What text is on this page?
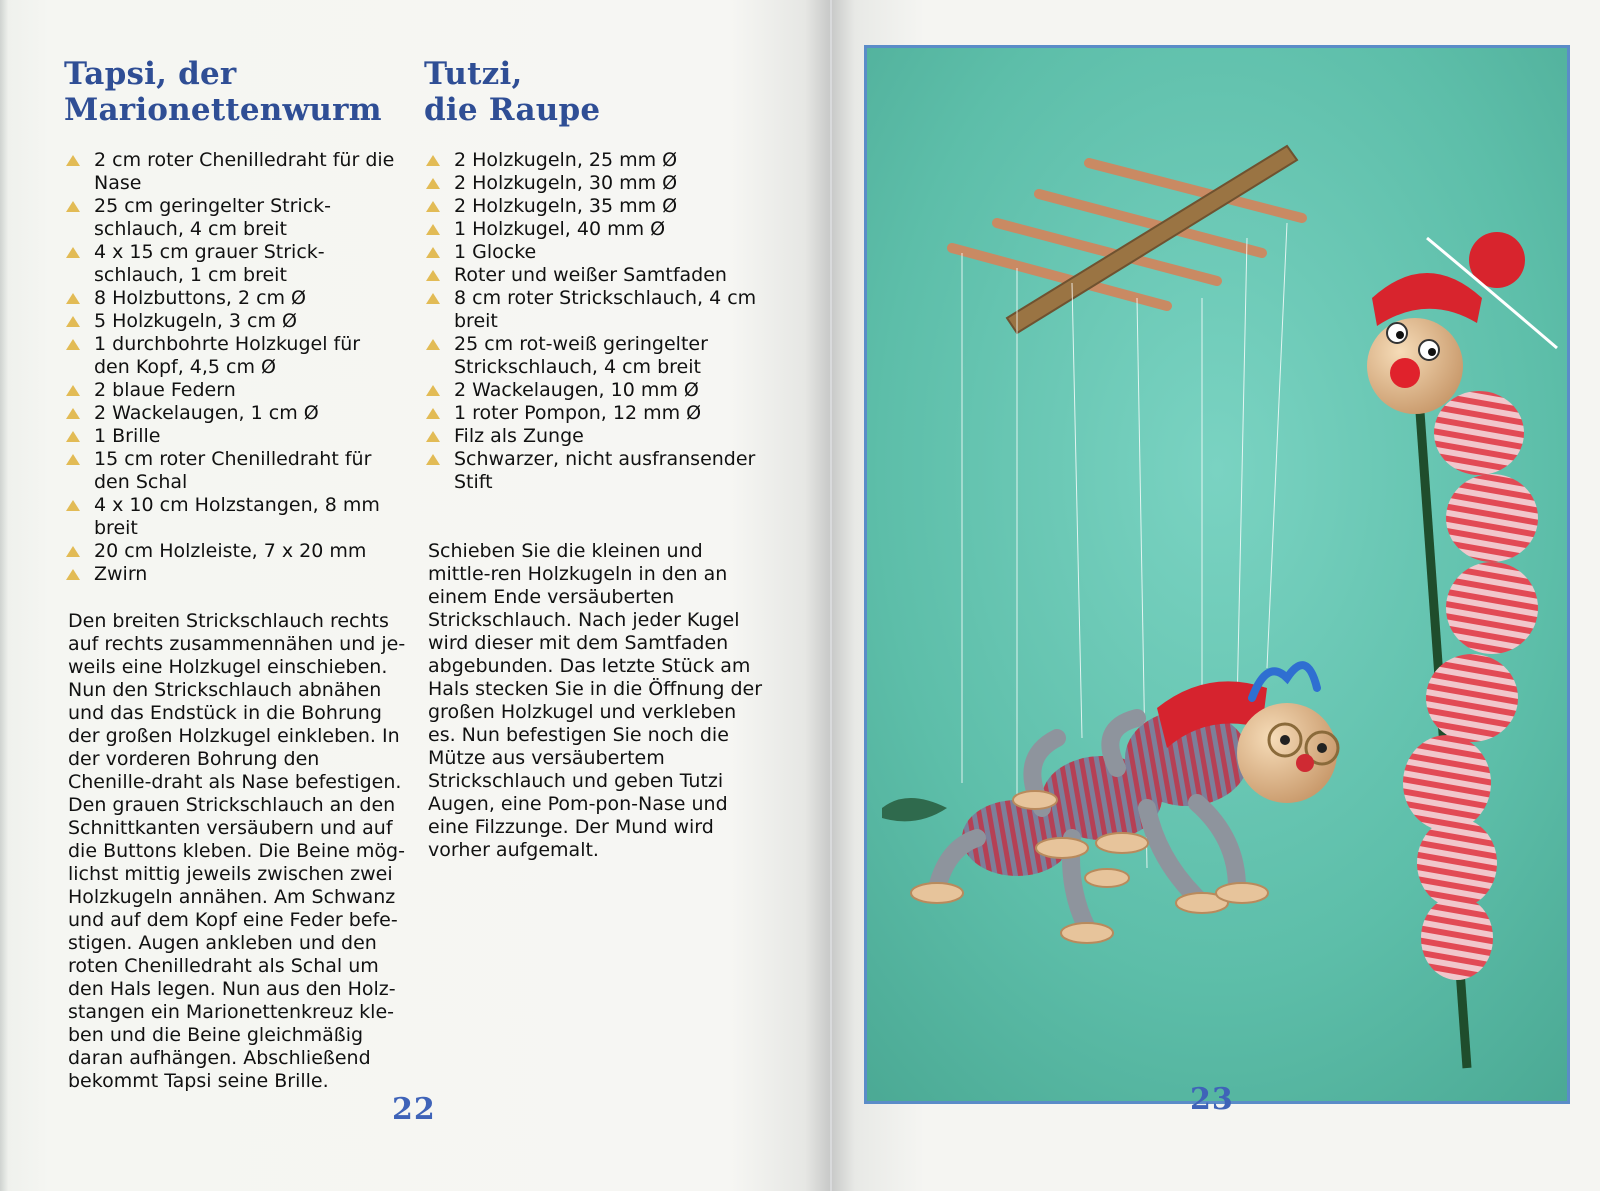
Tapsi, der
Marionettenwurm
2 cm roter Chenilledraht für die Nase
25 cm geringelter Strick-schlauch, 4 cm breit
4 x 15 cm grauer Strick-schlauch, 1 cm breit
8 Holzbuttons, 2 cm Ø
5 Holzkugeln, 3 cm Ø
1 durchbohrte Holzkugel für den Kopf, 4,5 cm Ø
2 blaue Federn
2 Wackelaugen, 1 cm Ø
1 Brille
15 cm roter Chenilledraht für den Schal
4 x 10 cm Holzstangen, 8 mm breit
20 cm Holzleiste, 7 x 20 mm
Zwirn

Den breiten Strickschlauch rechts auf rechts zusammennähen und je-weils eine Holzkugel einschieben. Nun den Strickschlauch abnähen und das Endstück in die Bohrung der großen Holzkugel einkleben. In der vorderen Bohrung den Chenille-draht als Nase befestigen. Den grauen Strickschlauch an den Schnittkanten versäubern und auf die Buttons kleben. Die Beine mög-lichst mittig jeweils zwischen zwei Holzkugeln annähen. Am Schwanz und auf dem Kopf eine Feder befe-stigen. Augen ankleben und den roten Chenilledraht als Schal um den Hals legen. Nun aus den Holz-stangen ein Marionettenkreuz kle-ben und die Beine gleichmäßig daran aufhängen. Abschließend bekommt Tapsi seine Brille.

22

Tutzi,
die Raupe
2 Holzkugeln, 25 mm Ø
2 Holzkugeln, 30 mm Ø
2 Holzkugeln, 35 mm Ø
1 Holzkugel, 40 mm Ø
1 Glocke
Roter und weißer Samtfaden
8 cm roter Strickschlauch, 4 cm breit
25 cm rot-weiß geringelter Strickschlauch, 4 cm breit
2 Wackelaugen, 10 mm Ø
1 roter Pompon, 12 mm Ø
Filz als Zunge
Schwarzer, nicht ausfransender Stift

Schieben Sie die kleinen und mittle-ren Holzkugeln in den an einem Ende versäuberten Strickschlauch. Nach jeder Kugel wird dieser mit dem Samtfaden abgebunden. Das letzte Stück am Hals stecken Sie in die Öffnung der großen Holzkugel und verkleben es. Nun befestigen Sie noch die Mütze aus versäubertem Strickschlauch und geben Tutzi Augen, eine Pom-pon-Nase und eine Filzzunge. Der Mund wird vorher aufgemalt.

23
